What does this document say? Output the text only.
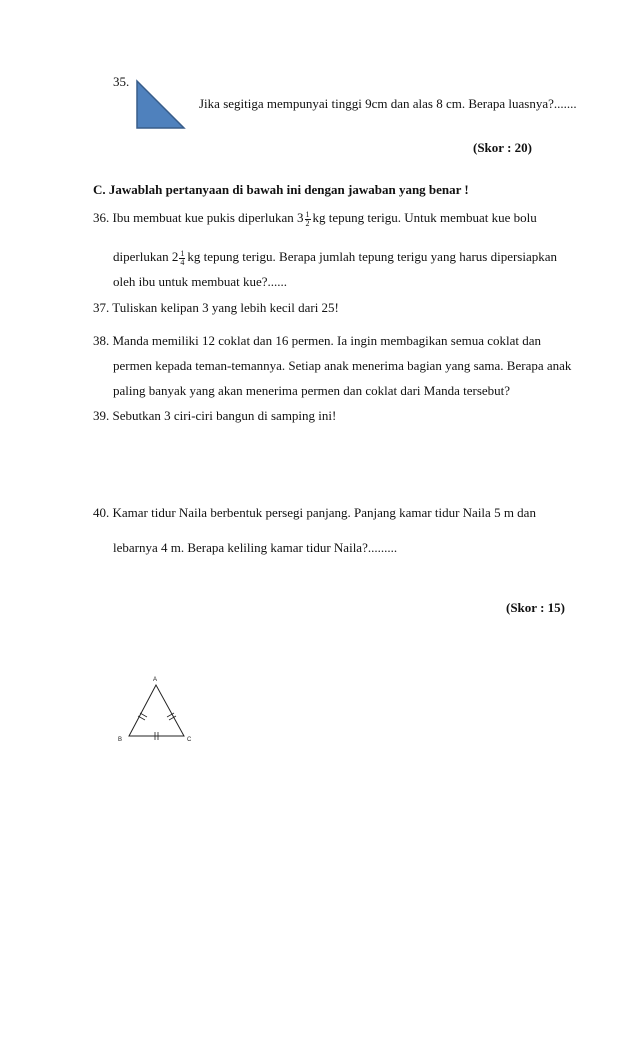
35.
Jika segitiga mempunyai tinggi 9cm dan alas 8 cm. Berapa luasnya?.......
(Skor : 20)
C. Jawablah pertanyaan di bawah ini dengan jawaban yang benar !
36. Ibu membuat kue pukis diperlukan $3 \frac{1}{2}$ kg tepung terigu. Untuk membuat kue bolu
diperlukan $2 \frac{1}{4}$ kg tepung terigu. Berapa jumlah tepung terigu yang harus dipersiapkan
oleh ibu untuk membuat kue?......
37. Tuliskan kelipan 3 yang lebih kecil dari 25!
38. Manda memiliki 12 coklat dan 16 permen. Ia ingin membagikan semua coklat dan
permen kepada teman-temannya. Setiap anak menerima bagian yang sama. Berapa anak
paling banyak yang akan menerima permen dan coklat dari Manda tersebut?
39. Sebutkan 3 ciri-ciri bangun di samping ini!
40. Kamar tidur Naila berbentuk persegi panjang. Panjang kamar tidur Naila 5 m dan
lebarnya 4 m. Berapa keliling kamar tidur Naila?.........
(Skor : 15)
A
B	C
